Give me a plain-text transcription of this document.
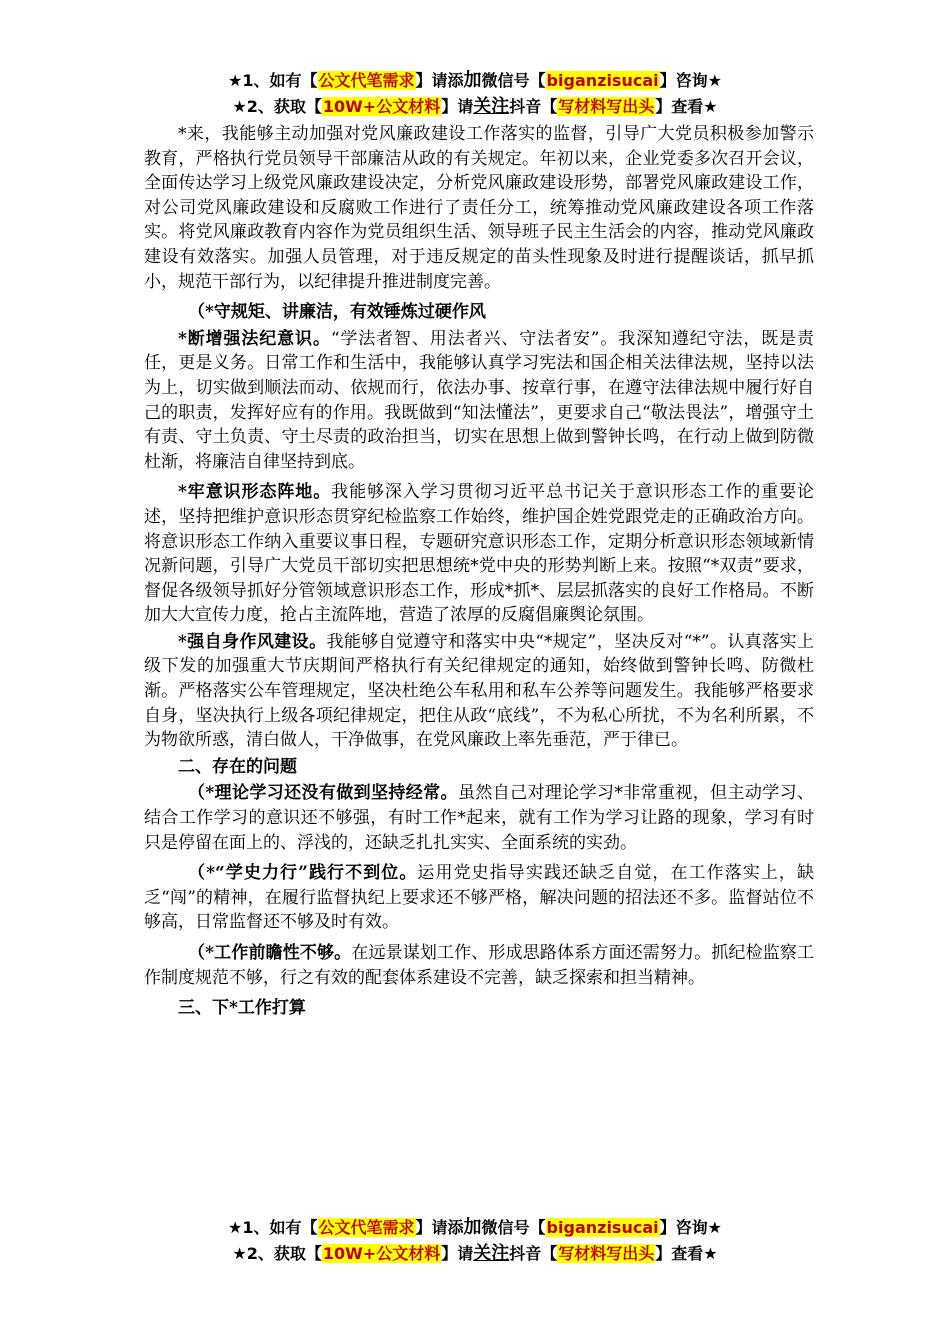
★1、如有【公文代笔需求】请添加微信号【biganzisucai】咨询★
★2、获取【10W+公文材料】请关注抖音【写材料写出头】查看★

*来，我能够主动加强对党风廉政建设工作落实的监督，引导广大党员积极参加警示教育，严格执行党员领导干部廉洁从政的有关规定。年初以来，企业党委多次召开会议，全面传达学习上级党风廉政建设决定，分析党风廉政建设形势，部署党风廉政建设工作，对公司党风廉政建设和反腐败工作进行了责任分工，统筹推动党风廉政建设各项工作落实。将党风廉政教育内容作为党员组织生活、领导班子民主生活会的内容，推动党风廉政建设有效落实。加强人员管理，对于违反规定的苗头性现象及时进行提醒谈话，抓早抓小，规范干部行为，以纪律提升推进制度完善。

（*守规矩、讲廉洁，有效锤炼过硬作风

*断增强法纪意识。“学法者智、用法者兴、守法者安”。我深知遵纪守法，既是责任，更是义务。日常工作和生活中，我能够认真学习宪法和国企相关法律法规，坚持以法为上，切实做到顺法而动、依规而行，依法办事、按章行事，在遵守法律法规中履行好自己的职责，发挥好应有的作用。我既做到“知法懂法”，更要求自己“敬法畏法”，增强守土有责、守土负责、守土尽责的政治担当，切实在思想上做到警钟长鸣，在行动上做到防微杜渐，将廉洁自律坚持到底。

*牢意识形态阵地。我能够深入学习贯彻习近平总书记关于意识形态工作的重要论述，坚持把维护意识形态贯穿纪检监察工作始终，维护国企姓党跟党走的正确政治方向。将意识形态工作纳入重要议事日程，专题研究意识形态工作，定期分析意识形态领域新情况新问题，引导广大党员干部切实把思想统*党中央的形势判断上来。按照“*双责”要求，督促各级领导抓好分管领域意识形态工作，形成*抓*、层层抓落实的良好工作格局。不断加大大宣传力度，抢占主流阵地，营造了浓厚的反腐倡廉舆论氛围。

*强自身作风建设。我能够自觉遵守和落实中央“*规定”，坚决反对“*”。认真落实上级下发的加强重大节庆期间严格执行有关纪律规定的通知，始终做到警钟长鸣、防微杜渐。严格落实公车管理规定，坚决杜绝公车私用和私车公养等问题发生。我能够严格要求自身，坚决执行上级各项纪律规定，把住从政“底线”，不为私心所扰，不为名利所累，不为物欲所惑，清白做人，干净做事，在党风廉政上率先垂范，严于律已。

二、存在的问题

（*理论学习还没有做到坚持经常。虽然自己对理论学习*非常重视，但主动学习、结合工作学习的意识还不够强，有时工作*起来，就有工作为学习让路的现象，学习有时只是停留在面上的、浮浅的，还缺乏扎扎实实、全面系统的实劲。

（*“学史力行”践行不到位。运用党史指导实践还缺乏自觉，在工作落实上，缺乏“闯”的精神，在履行监督执纪上要求还不够严格，解决问题的招法还不多。监督站位不够高，日常监督还不够及时有效。

（*工作前瞻性不够。在远景谋划工作、形成思路体系方面还需努力。抓纪检监察工作制度规范不够，行之有效的配套体系建设不完善，缺乏探索和担当精神。

三、下*工作打算

★1、如有【公文代笔需求】请添加微信号【biganzisucai】咨询★
★2、获取【10W+公文材料】请关注抖音【写材料写出头】查看★
